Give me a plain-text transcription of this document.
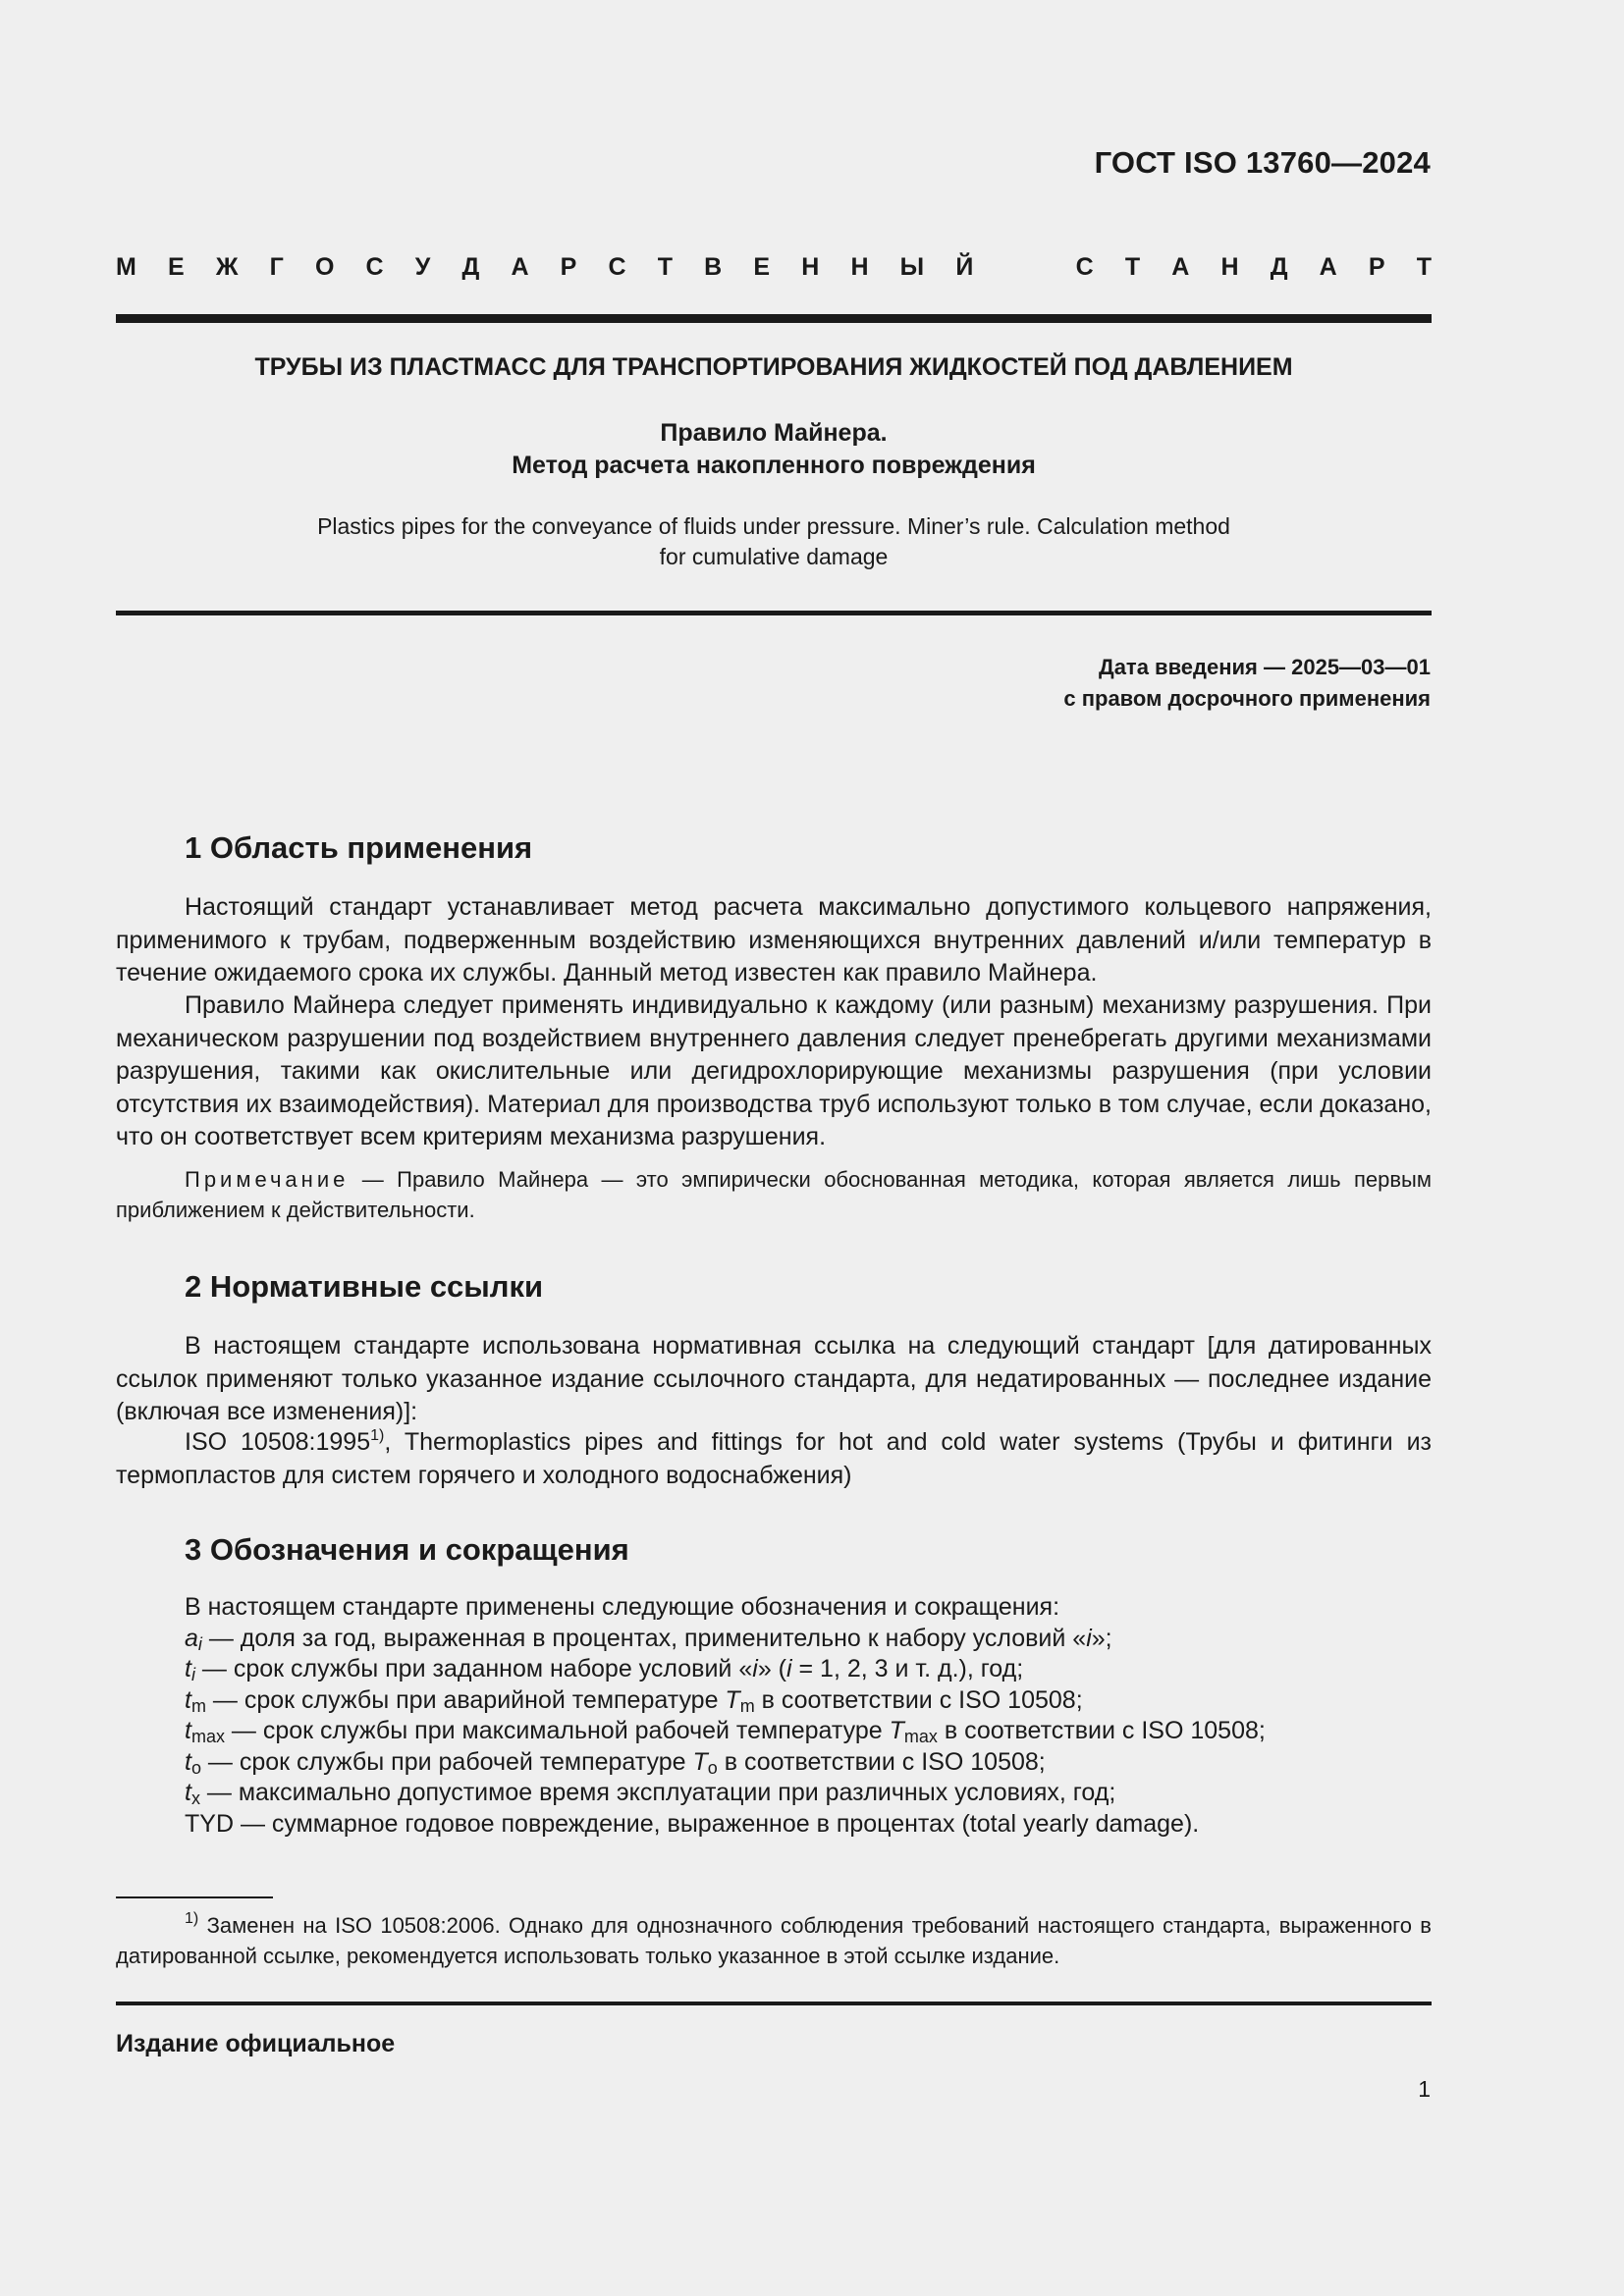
ГОСТ ISO 13760—2024
М Е Ж Г О С У Д А Р С Т В Е Н Н Ы Й	С Т А Н Д А Р Т
ТРУБЫ ИЗ ПЛАСТМАСС ДЛЯ ТРАНСПОРТИРОВАНИЯ ЖИДКОСТЕЙ ПОД ДАВЛЕНИЕМ
Правило Майнера.
Метод расчета накопленного повреждения
Plastics pipes for the conveyance of fluids under pressure. Miner’s rule. Calculation method
for cumulative damage
Дата введения — 2025—03—01
с правом досрочного применения
1 Область применения
Настоящий стандарт устанавливает метод расчета максимально допустимого кольцевого напряжения, применимого к трубам, подверженным воздействию изменяющихся внутренних давлений и/или температур в течение ожидаемого срока их службы. Данный метод известен как правило Майнера.
Правило Майнера следует применять индивидуально к каждому (или разным) механизму разрушения. При механическом разрушении под воздействием внутреннего давления следует пренебрегать другими механизмами разрушения, такими как окислительные или дегидрохлорирующие механизмы разрушения (при условии отсутствия их взаимодействия). Материал для производства труб используют только в том случае, если доказано, что он соответствует всем критериям механизма разрушения.
Примечание — Правило Майнера — это эмпирически обоснованная методика, которая является лишь первым приближением к действительности.
2 Нормативные ссылки
В настоящем стандарте использована нормативная ссылка на следующий стандарт [для датированных ссылок применяют только указанное издание ссылочного стандарта, для недатированных — последнее издание (включая все изменения)]:
ISO 10508:1995$^{1)}$, Thermoplastics pipes and fittings for hot and cold water systems (Трубы и фитинги из термопластов для систем горячего и холодного водоснабжения)
3 Обозначения и сокращения
В настоящем стандарте применены следующие обозначения и сокращения:
$a_i$ — доля за год, выраженная в процентах, применительно к набору условий «i»;
$t_i$ — срок службы при заданном наборе условий «i» (i = 1, 2, 3 и т. д.), год;
$t_m$ — срок службы при аварийной температуре $T_m$ в соответствии с ISO 10508;
$t_{max}$ — срок службы при максимальной рабочей температуре $T_{max}$ в соответствии с ISO 10508;
$t_o$ — срок службы при рабочей температуре $T_o$ в соответствии с ISO 10508;
$t_x$ — максимально допустимое время эксплуатации при различных условиях, год;
TYD — суммарное годовое повреждение, выраженное в процентах (total yearly damage).
$^{1)}$ Заменен на ISO 10508:2006. Однако для однозначного соблюдения требований настоящего стандарта, выраженного в датированной ссылке, рекомендуется использовать только указанное в этой ссылке издание.
Издание официальное
1
